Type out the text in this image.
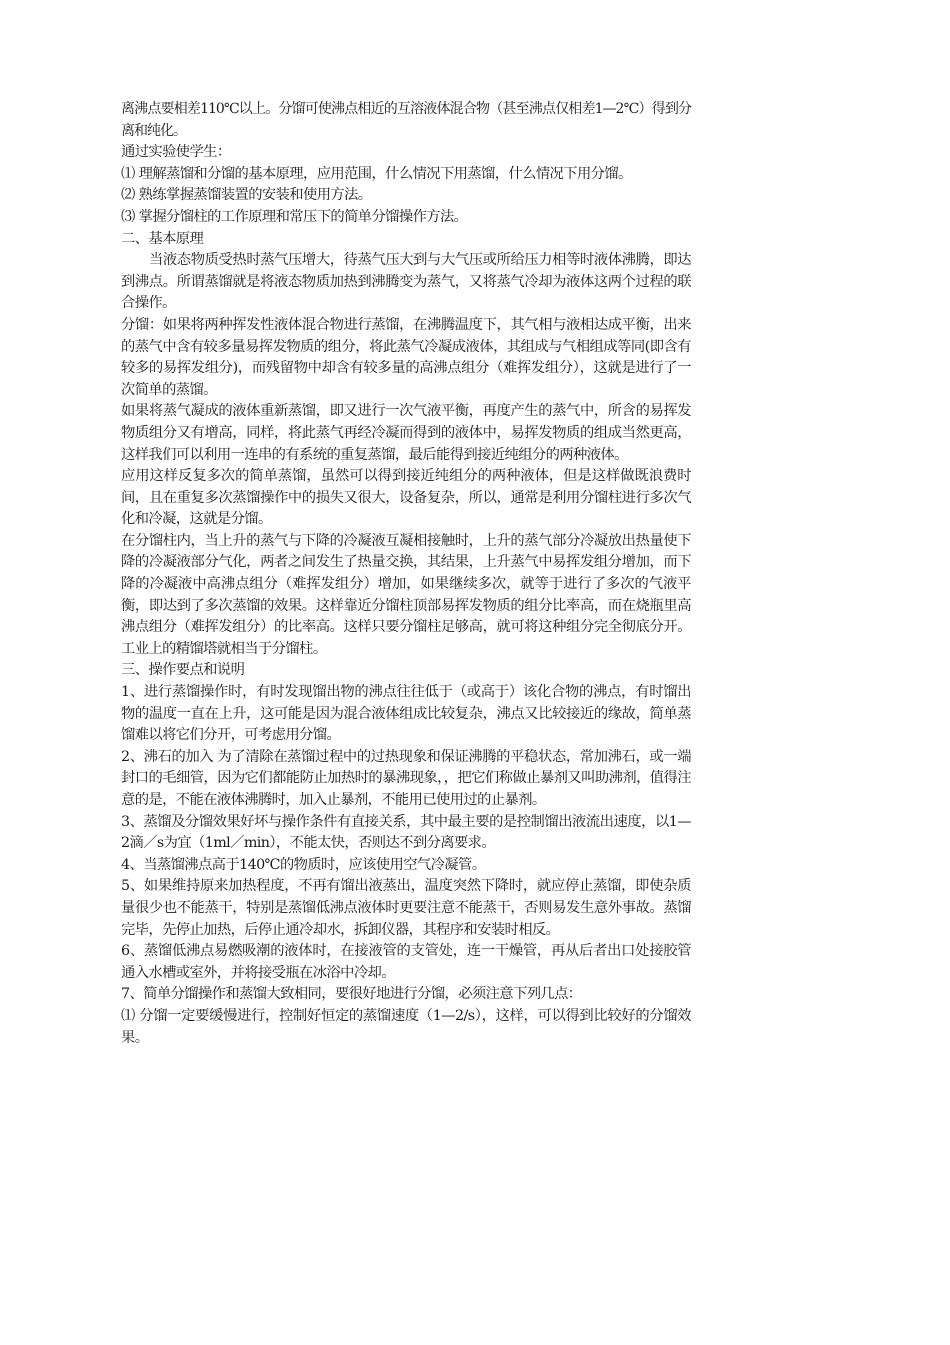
离沸点要相差110℃以上。分馏可使沸点相近的互溶液体混合物（甚至沸点仅相差1—2℃）得到分离和纯化。

通过实验使学生：

⑴ 理解蒸馏和分馏的基本原理，应用范围，什么情况下用蒸馏，什么情况下用分馏。

⑵ 熟练掌握蒸馏装置的安装和使用方法。

⑶ 掌握分馏柱的工作原理和常压下的简单分馏操作方法。

二、基本原理

当液态物质受热时蒸气压增大，待蒸气压大到与大气压或所给压力相等时液体沸腾，即达到沸点。所谓蒸馏就是将液态物质加热到沸腾变为蒸气，又将蒸气冷却为液体这两个过程的联合操作。

分馏：如果将两种挥发性液体混合物进行蒸馏，在沸腾温度下，其气相与液相达成平衡，出来的蒸气中含有较多量易挥发物质的组分，将此蒸气冷凝成液体，其组成与气相组成等同(即含有较多的易挥发组分)，而残留物中却含有较多量的高沸点组分（难挥发组分），这就是进行了一次简单的蒸馏。

如果将蒸气凝成的液体重新蒸馏，即又进行一次气液平衡，再度产生的蒸气中，所含的易挥发物质组分又有增高，同样，将此蒸气再经冷凝而得到的液体中，易挥发物质的组成当然更高，这样我们可以利用一连串的有系统的重复蒸馏，最后能得到接近纯组分的两种液体。

应用这样反复多次的简单蒸馏，虽然可以得到接近纯组分的两种液体，但是这样做既浪费时间，且在重复多次蒸馏操作中的损失又很大，设备复杂，所以，通常是利用分馏柱进行多次气化和冷凝，这就是分馏。

在分馏柱内，当上升的蒸气与下降的冷凝液互凝相接触时，上升的蒸气部分冷凝放出热量使下降的冷凝液部分气化，两者之间发生了热量交换，其结果，上升蒸气中易挥发组分增加，而下降的冷凝液中高沸点组分（难挥发组分）增加，如果继续多次，就等于进行了多次的气液平衡，即达到了多次蒸馏的效果。这样靠近分馏柱顶部易挥发物质的组分比率高，而在烧瓶里高沸点组分（难挥发组分）的比率高。这样只要分馏柱足够高，就可将这种组分完全彻底分开。工业上的精馏塔就相当于分馏柱。

三、操作要点和说明

1、进行蒸馏操作时，有时发现馏出物的沸点往往低于（或高于）该化合物的沸点，有时馏出物的温度一直在上升，这可能是因为混合液体组成比较复杂，沸点又比较接近的缘故，简单蒸馏难以将它们分开，可考虑用分馏。

2、沸石的加入 为了清除在蒸馏过程中的过热现象和保证沸腾的平稳状态，常加沸石，或一端封口的毛细管，因为它们都能防止加热时的暴沸现象，，把它们称做止暴剂又叫助沸剂，值得注意的是，不能在液体沸腾时，加入止暴剂，不能用已使用过的止暴剂。

3、蒸馏及分馏效果好坏与操作条件有直接关系，其中最主要的是控制馏出液流出速度，以1—2滴／s为宜（1ml／min），不能太快，否则达不到分离要求。

4、当蒸馏沸点高于140℃的物质时，应该使用空气冷凝管。

5、如果维持原来加热程度，不再有馏出液蒸出，温度突然下降时，就应停止蒸馏，即使杂质量很少也不能蒸干，特别是蒸馏低沸点液体时更要注意不能蒸干，否则易发生意外事故。蒸馏完毕，先停止加热，后停止通冷却水，拆卸仪器，其程序和安装时相反。

6、蒸馏低沸点易燃吸潮的液体时，在接液管的支管处，连一干燥管，再从后者出口处接胶管通入水槽或室外，并将接受瓶在冰浴中冷却。

7、简单分馏操作和蒸馏大致相同，要很好地进行分馏，必须注意下列几点：

⑴ 分馏一定要缓慢进行，控制好恒定的蒸馏速度（1—2/s），这样，可以得到比较好的分馏效果。
